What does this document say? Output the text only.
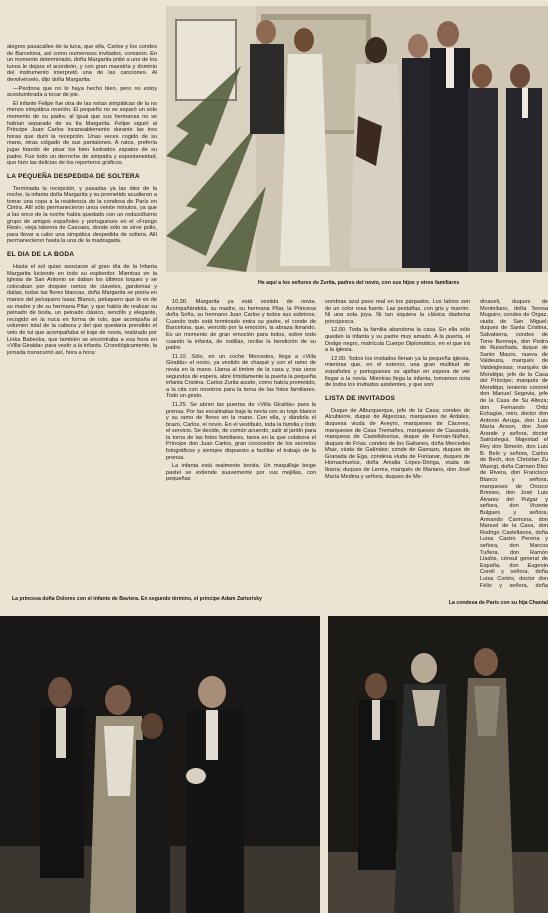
He aquí a los señores de Zurita, padres del novio, con sus hijos y otros familiares

alegres pasacalles de la tuna, que ella, Carlos y los condes de Barcelona, así como numerosos invitados, corearon. En un momento determinado, doña Margarita pidió a uno de los tunos le dejara el acordeón, y con gran maestría y dominio del instrumento interpretó una de las canciones. Al devolvérselo, dijo doña Margarita:

—Perdona que no lo haya hecho bien, pero no estoy acostumbrada a tocar de pie.

El infante Felipe fue otra de las notas simpáticas de la no menos simpática reunión. El pequeño no se separó un solo momento de su padre, al igual que sus hermanas no se habían separado de su tía Margarita. Felipe siguió al Príncipe Juan Carlos incansablemente durante las tres horas que duró la recepción. Unas veces cogido de su mano, otras colgado de sus pantalones. A ratos, prefería jugar tirando de pisar los bien lustrados zapatos de su padre. Fue todo un derroche de simpatía y espontaneidad, que hizo las delicias de los reporteros gráficos.

LA PEQUEÑA DESPEDIDA DE SOLTERA

Terminada la recepción, y pasadas ya las diez de la noche, la infanta doña Margarita y su prometido acudieron a tomar una copa a la residencia de la condesa de París en Cintra. Allí sólo permanecieron unos veinte minutos, ya que a las once de la noche había quedado con un reducidísimo grupo de amigos españoles y portugueses en el «Frango Real», vieja taberna de Cascaes, donde sólo se sirve pollo, para llevar a cabo una simpática despedida de soltera. Allí permanecieron hasta la una de la madrugada.

EL DIA DE LA BODA

Hasta el sol quiso asociarse al gran día de la Infanta Margarita luciendo en todo su esplendor. Mientras en la iglesia de San Antonio se daban los últimos toques y se colocaban por doquier ramos de claveles, gardenias y dalias, todas las flores blancas, doña Margarita se ponía en manos del peluquero Isaac Blanco, peluquero que lo es de su madre y de su hermana Pilar, y que había de realizar su peinado de boda, un peinado clásico, sencillo y elegante, recogido en la nuca en forma de rulo, que acompaña al volumen total de la cabeza y del que quedaría prendido el velo de tul que acompañaba el traje de novia, realizado por Linka Babecka, que también se encontraba a esa hora en «Villa Giralda» para vestir a la infanta. Cronológicamente, la jornada transcurrió así, hora a hora:

10.30. Margarita ya está vestida de novia. Acompañándola, su madre, su hermana Pilar, la Princesa doña Sofía, su hermano Juan Carlos y todos sus sobrinos. Cuando todo está terminado entra su padre, el conde de Barcelona, que, vencido por la emoción, la abraza llorando. Es un momento de gran emoción para todos, sobre todo cuando la infanta, de rodillas, recibe la bendición de su padre.

11.10. Sólo, en un coche Mercedes, llega a «Villa Giralda» el novio, ya vestido de chaqué y con el ramo de novia en la mano. Llama al timbre de la casa y, tras unos segundos de espera, abre tímidamente la puerta la pequeña infanta Cristina. Carlos Zurita acude, como había prometido, a la cita con nosotros para la toma de las fotos familiares. Todo un gesto.

11.25. Se abren las puertas de «Villa Giralda» para la prensa. Por las escalinatas baja la novia con su traje blanco y su ramo de flores en la mano. Con ella, y dándola el brazo, Carlos, el novio. En el vestíbulo, toda la familia y todo el servicio. Se decide, de común acuerdo, salir al jardín para la toma de las fotos familiares, tarea en la que colabora el Príncipe don Juan Carlos, gran conocedor de los secretos fotográficos y siempre dispuesto a facilitar el trabajo de la prensa.

La infanta está realmente bonita. Un maquillaje beige pastel se extiende suavemente por sus mejillas, con pequeñas

sombras azul pavo real en los párpados. Los labios son de un color rosa fuerte. Las pestañas, con gris y marrón. Ni una sola joya. Ni tan siquiera la clásica diadema principesca.

12.00. Toda la familia abandona la casa. En ella sólo queden la infanta y su padre muy amado. A la puerta, el Dodge negro, matrícula Cuerpo Diplomático, en el que irá a la iglesia.

12.00. Todos los invitados llenan ya la pequeña iglesia, mientras que, en el exterior, una gran multitud de españoles y portugueses se apiñan en espera de ver llegar a la novia. Mientras llega la infanta, tomamos nota de todos los invitados asistentes, y que son:

LISTA DE INVITADOS

Duque de Alburquerque, jefe de la Casa; condes de Alcubierre, duque de Algeciras, marqueses de Ardales, duquesa viuda de Aveyro, marqueses de Cáceres, marqueses de Casa Tremañes, marqueses de Casasola, marquesa de Castelldosrius, duque de Fernán-Núñez, duques de Frías, condes de los Gaitanes, doña Mercedes Maiz, viuda de Galíndez; conde de Gamazo, duques de Granada de Ega, condesa viuda de Fontanar, duques de Hornachuelos, doña Amalia López-Dóriga, viuda de Ibarra; duques de Lerma, marqués de Mariano, don José María Medina y señora, duques de Me-

dinaceli, duques de Montellano, doña Teresa Muguiro; condes de Orgaz, viuda de San Miguel; duques de Santa Cristina, Salvatierra, condes de Torre Bermeja, don Pedro de Ruiseñada, duque de Santo Mauro, nueva de Valdeuza, marqués de Valdeiglesias; marqués de Mondéjar, jefe de la Casa del Príncipe; marqués de Mondéjar, teniente coronel don Manuel Segovia, jefe de la Casa de Su Alteza; don Fernando Ortiz Echagüe, reiro, doctor don Antonio Arruga, don Luis María Anson, don José Arande y señora, doctor Satrústegui, Majestad el Rey don Simeón, don Luis B. Belo y señora, Carlos de Bech, don Christian Zu Wuergt, doña Carmen Díez de Rivera, don Francisco Blanco y señora, marqueses de Orozco Briones, don José Luis Álvarez del Pulgar y señora, don Vicente Bulgues y señora, Armando Carmona, don Manuel de la Casa, don Rodrigo Castellanos, doña Luisa Castro Pereira y señora, don Marcos Tuñera, don Ramón Lladós, cónsul general de España, don Eugenio Corell y señora, doña Luisa Cortés, doctor don Félix y señora, doña

La princesa doña Dolores con el infante de Baviera. En segundo término, el príncipe Adam Zartorisky
La condesa de París con su hija Chantal
